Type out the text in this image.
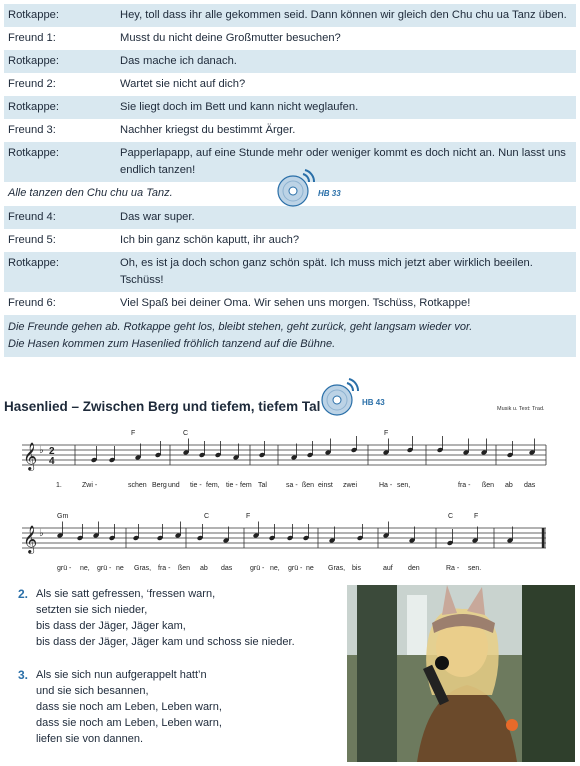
Rotkappe:	Hey, toll dass ihr alle gekommen seid. Dann können wir gleich den Chu chu ua Tanz üben.
Freund 1:	Musst du nicht deine Großmutter besuchen?
Rotkappe:	Das mache ich danach.
Freund 2:	Wartet sie nicht auf dich?
Rotkappe:	Sie liegt doch im Bett und kann nicht weglaufen.
Freund 3:	Nachher kriegst du bestimmt Ärger.
Rotkappe:	Papperlapapp, auf eine Stunde mehr oder weniger kommt es doch nicht an. Nun lasst uns endlich tanzen!
Alle tanzen den Chu chu ua Tanz.	HB 33
Freund 4:	Das war super.
Freund 5:	Ich bin ganz schön kaputt, ihr auch?
Rotkappe:	Oh, es ist ja doch schon ganz schön spät. Ich muss mich jetzt aber wirklich beeilen. Tschüss!
Freund 6:	Viel Spaß bei deiner Oma. Wir sehen uns morgen. Tschüss, Rotkappe!
Die Freunde gehen ab. Rotkappe geht los, bleibt stehen, geht zurück, geht langsam wieder vor.
Die Hasen kommen zum Hasenlied fröhlich tanzend auf die Bühne.
Hasenlied – Zwischen Berg und tiefem, tiefem Tal	HB 43
Musik u. Text: Trad.
𝄞 ♭ 2
4
F	C	F
1.	Zwi -	schen Berg und tie - fem, tie - fem Tal	sa - ßen einst zwei	Ha - sen,	fra - ßen ab das
𝄞 ♭
Gm	C	F	C	F
grü - ne, grü - ne Gras, fra - ßen ab das	grü - ne, grü - ne Gras, bis	auf den	Ra - sen.
2. Als sie satt gefressen, ‘fressen warn,
setzten sie sich nieder,
bis dass der Jäger, Jäger kam,
bis dass der Jäger, Jäger kam und schoss sie nieder.
3. Als sie sich nun aufgerappelt hatt’n
und sie sich besannen,
dass sie noch am Leben, Leben warn,
dass sie noch am Leben, Leben warn,
liefen sie von dannen.
